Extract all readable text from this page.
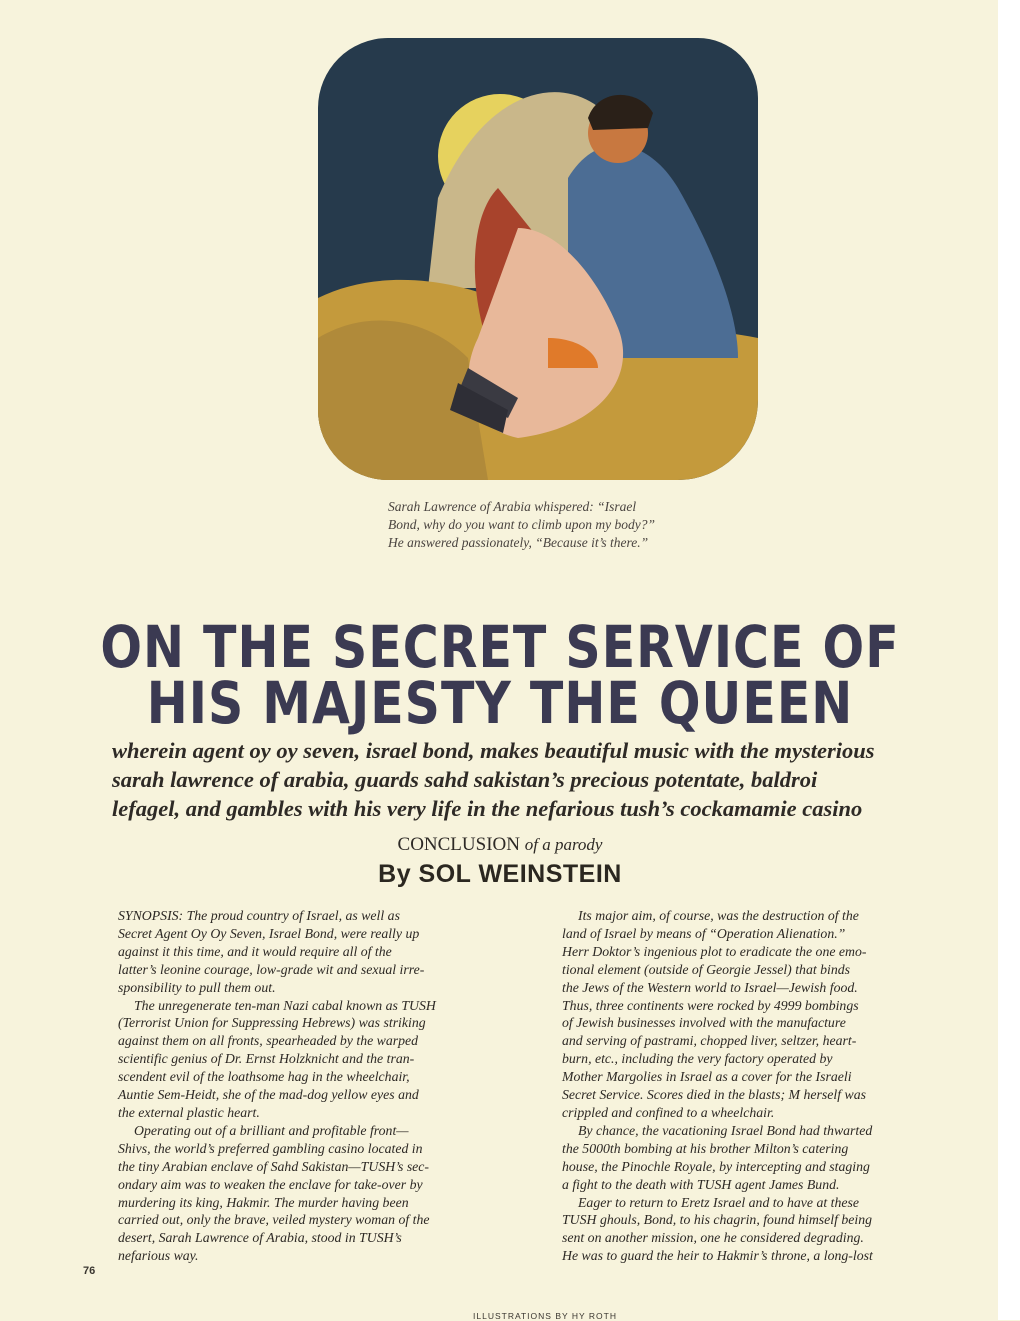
Sarah Lawrence of Arabia whispered: “Israel
Bond, why do you want to climb upon my body?”
He answered passionately, “Because it’s there.”
ON THE SECRET SERVICE OF
HIS MAJESTY THE QUEEN
wherein agent oy oy seven, israel bond, makes beautiful music with the mysterious
sarah lawrence of arabia, guards sahd sakistan’s precious potentate, baldroi
lefagel, and gambles with his very life in the nefarious tush’s cockamamie casino
CONCLUSION of a parody
By SOL WEINSTEIN

SYNOPSIS: The proud country of Israel, as well as
Secret Agent Oy Oy Seven, Israel Bond, were really up
against it this time, and it would require all of the
latter’s leonine courage, low-grade wit and sexual irre-
sponsibility to pull them out.

The unregenerate ten-man Nazi cabal known as TUSH
(Terrorist Union for Suppressing Hebrews) was striking
against them on all fronts, spearheaded by the warped
scientific genius of Dr. Ernst Holzknicht and the tran-
scendent evil of the loathsome hag in the wheelchair,
Auntie Sem-Heidt, she of the mad-dog yellow eyes and
the external plastic heart.

Operating out of a brilliant and profitable front—
Shivs, the world’s preferred gambling casino located in
the tiny Arabian enclave of Sahd Sakistan—TUSH’s sec-
ondary aim was to weaken the enclave for take-over by
murdering its king, Hakmir. The murder having been
carried out, only the brave, veiled mystery woman of the
desert, Sarah Lawrence of Arabia, stood in TUSH’s
nefarious way.

Its major aim, of course, was the destruction of the
land of Israel by means of “Operation Alienation.”
Herr Doktor’s ingenious plot to eradicate the one emo-
tional element (outside of Georgie Jessel) that binds
the Jews of the Western world to Israel—Jewish food.
Thus, three continents were rocked by 4999 bombings
of Jewish businesses involved with the manufacture
and serving of pastrami, chopped liver, seltzer, heart-
burn, etc., including the very factory operated by
Mother Margolies in Israel as a cover for the Israeli
Secret Service. Scores died in the blasts; M herself was
crippled and confined to a wheelchair.

By chance, the vacationing Israel Bond had thwarted
the 5000th bombing at his brother Milton’s catering
house, the Pinochle Royale, by intercepting and staging
a fight to the death with TUSH agent James Bund.

Eager to return to Eretz Israel and to have at these
TUSH ghouls, Bond, to his chagrin, found himself being
sent on another mission, one he considered degrading.
He was to guard the heir to Hakmir’s throne, a long-lost

76
ILLUSTRATIONS BY HY ROTH
